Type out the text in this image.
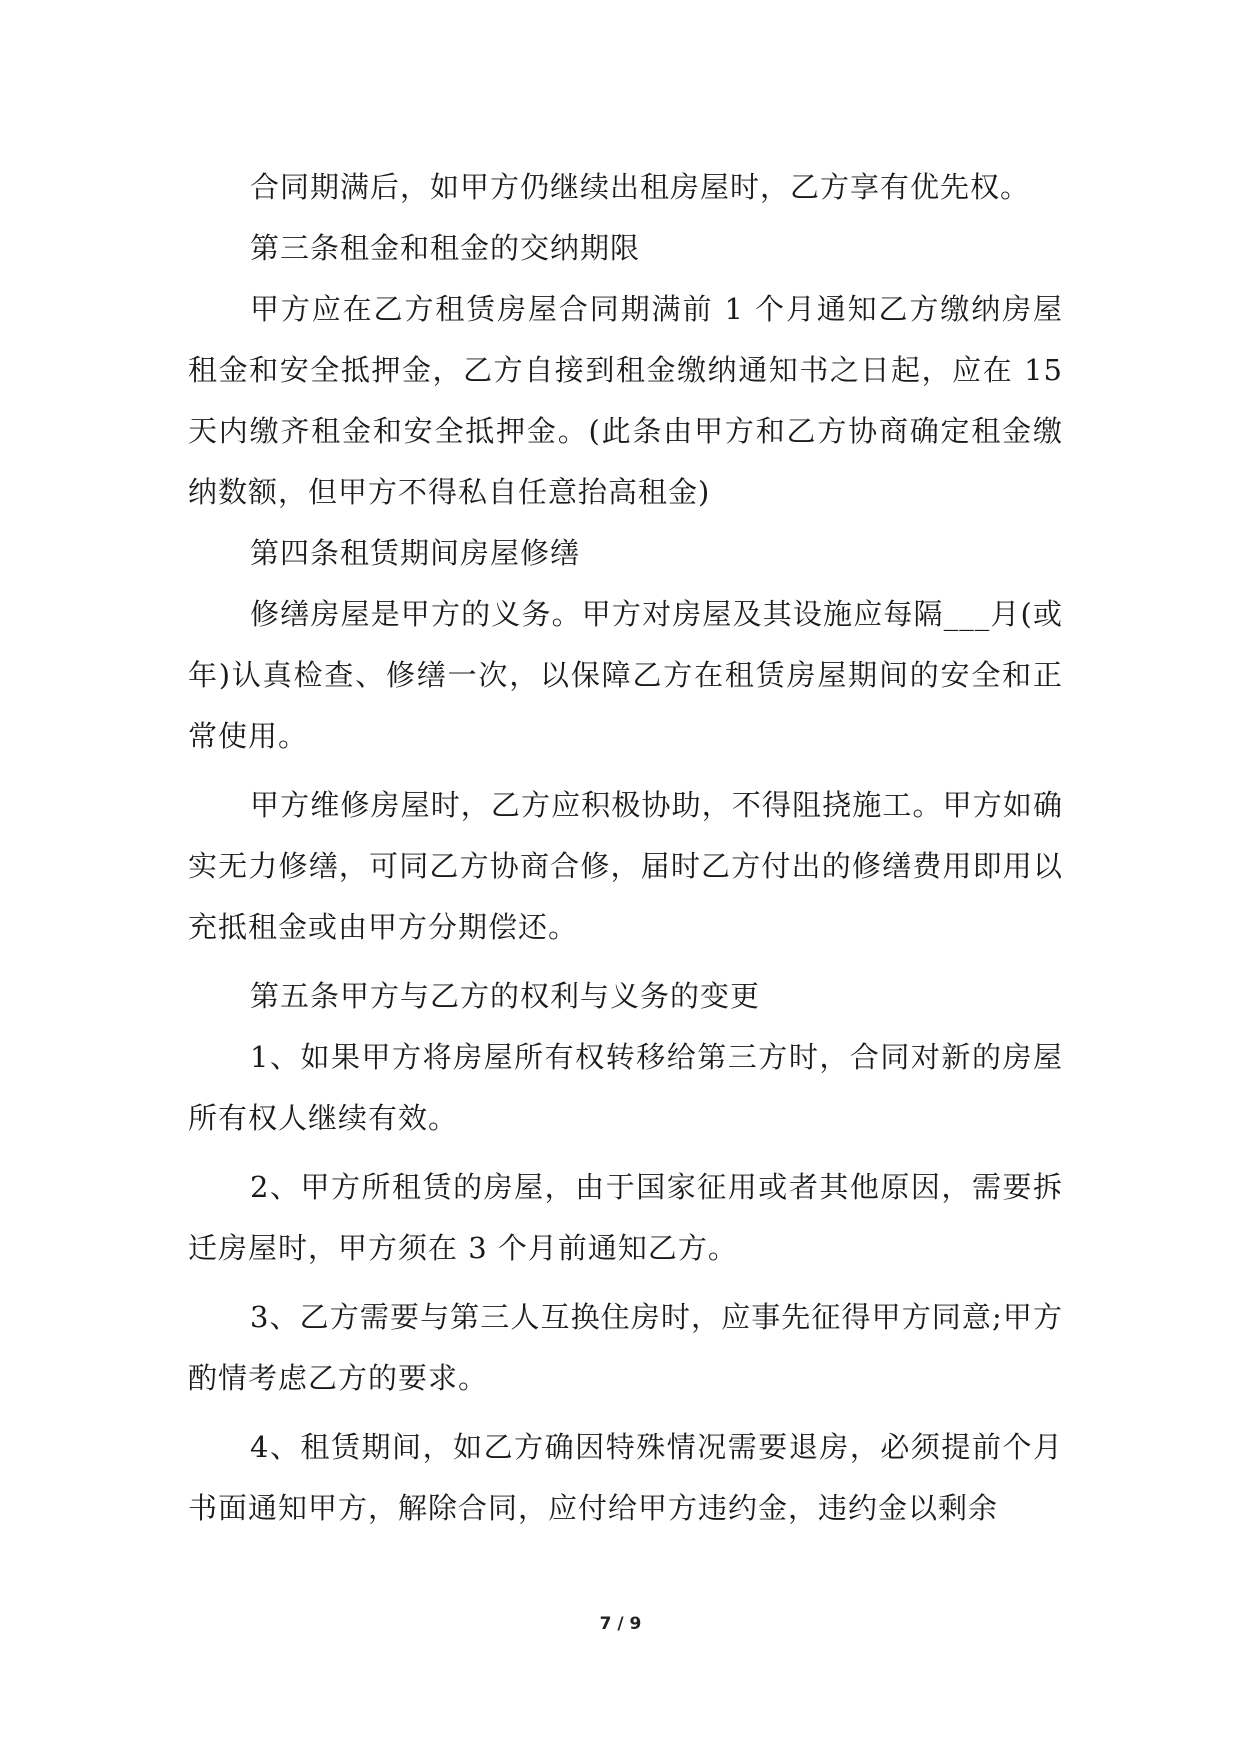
合同期满后，如甲方仍继续出租房屋时，乙方享有优先权。

第三条租金和租金的交纳期限

甲方应在乙方租赁房屋合同期满前 1 个月通知乙方缴纳房屋租金和安全抵押金，乙方自接到租金缴纳通知书之日起，应在 15 天内缴齐租金和安全抵押金。(此条由甲方和乙方协商确定租金缴纳数额，但甲方不得私自任意抬高租金)

第四条租赁期间房屋修缮

修缮房屋是甲方的义务。甲方对房屋及其设施应每隔___月(或年)认真检查、修缮一次，以保障乙方在租赁房屋期间的安全和正常使用。

甲方维修房屋时，乙方应积极协助，不得阻挠施工。甲方如确实无力修缮，可同乙方协商合修，届时乙方付出的修缮费用即用以充抵租金或由甲方分期偿还。

第五条甲方与乙方的权利与义务的变更

1、如果甲方将房屋所有权转移给第三方时，合同对新的房屋所有权人继续有效。

2、甲方所租赁的房屋，由于国家征用或者其他原因，需要拆迁房屋时，甲方须在 3 个月前通知乙方。

3、乙方需要与第三人互换住房时，应事先征得甲方同意;甲方酌情考虑乙方的要求。

4、租赁期间，如乙方确因特殊情况需要退房，必须提前个月书面通知甲方，解除合同，应付给甲方违约金，违约金以剩余

7 / 9
